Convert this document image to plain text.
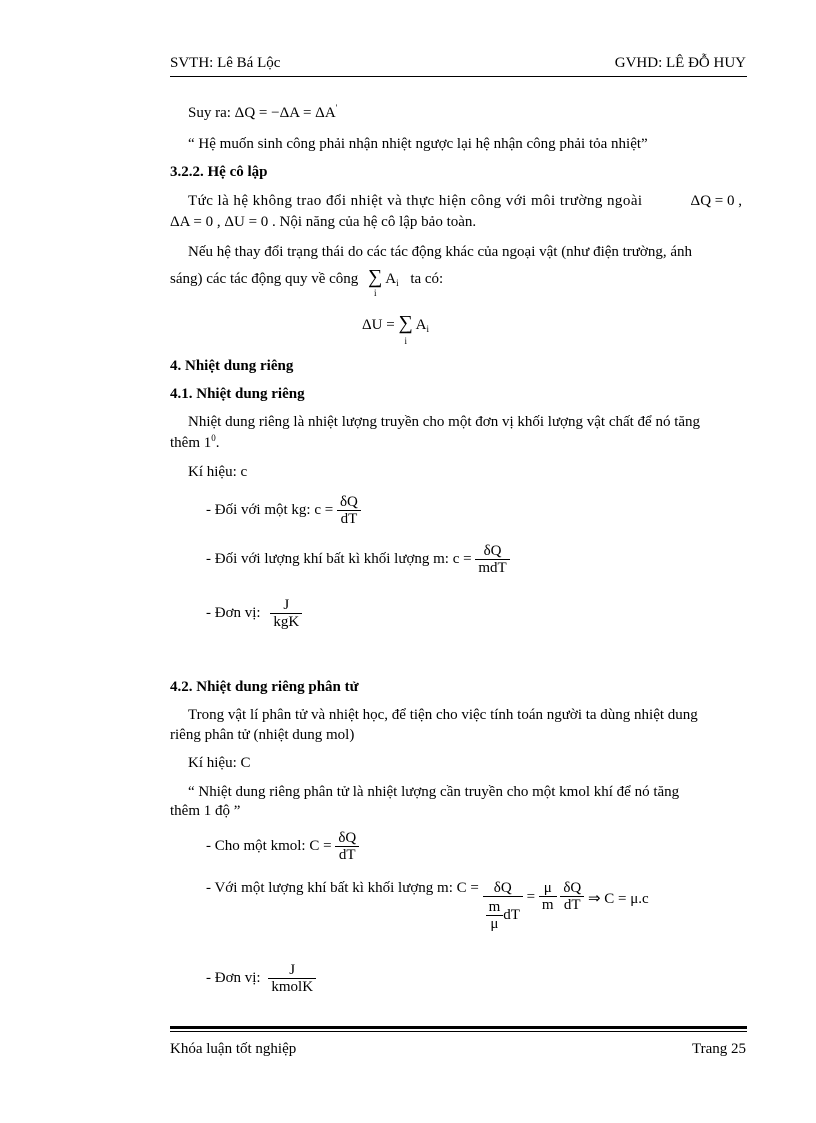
SVTH: Lê Bá Lộc	GVHD: LÊ ĐỖ HUY
Suy ra: ΔQ = −ΔA = ΔA'
“ Hệ muốn sinh công phải nhận nhiệt ngược lại hệ nhận công phải tỏa nhiệt”
3.2.2. Hệ cô lập
Tức là hệ không trao đổi nhiệt và thực hiện công với môi trường ngoài	ΔQ = 0 ,
ΔA = 0 , ΔU = 0 . Nội năng của hệ cô lập bảo toàn.
Nếu hệ thay đổi trạng thái do các tác động khác của ngoại vật (như điện trường, ánh
sáng) các tác động quy về công ∑
i
$A_i$ ta có:
ΔU = ∑
i
$A_i$
4. Nhiệt dung riêng
4.1. Nhiệt dung riêng
Nhiệt dung riêng là nhiệt lượng truyền cho một đơn vị khối lượng vật chất để nó tăng
thêm $1^0$.
Kí hiệu: c
- Đối với một kg: $c = \frac{\delta Q}{dT}$
- Đối với lượng khí bất kì khối lượng m: $c = \frac{\delta Q}{\text{mdT}}$
- Đơn vị: $\frac{J}{\text{kgK}}$
4.2. Nhiệt dung riêng phân tử
Trong vật lí phân tử và nhiệt học, để tiện cho việc tính toán người ta dùng nhiệt dung
riêng phân tử (nhiệt dung mol)
Kí hiệu: C
“ Nhiệt dung riêng phân tử là nhiệt lượng cần truyền cho một kmol khí để nó tăng
thêm 1 độ ”
- Cho một kmol: $C = \frac{\delta Q}{dT}$
- Với một lượng khí bất kì khối lượng m: $C = \frac{\delta Q}{\frac{m}{\mu} dT} = \frac{\mu}{m}$
$\frac{\delta Q}{dT}$ ⇒ C = μ.c
- Đơn vị: $\frac{J}{\text{kmolK}}$
Khóa luận tốt nghiệp	Trang 25
